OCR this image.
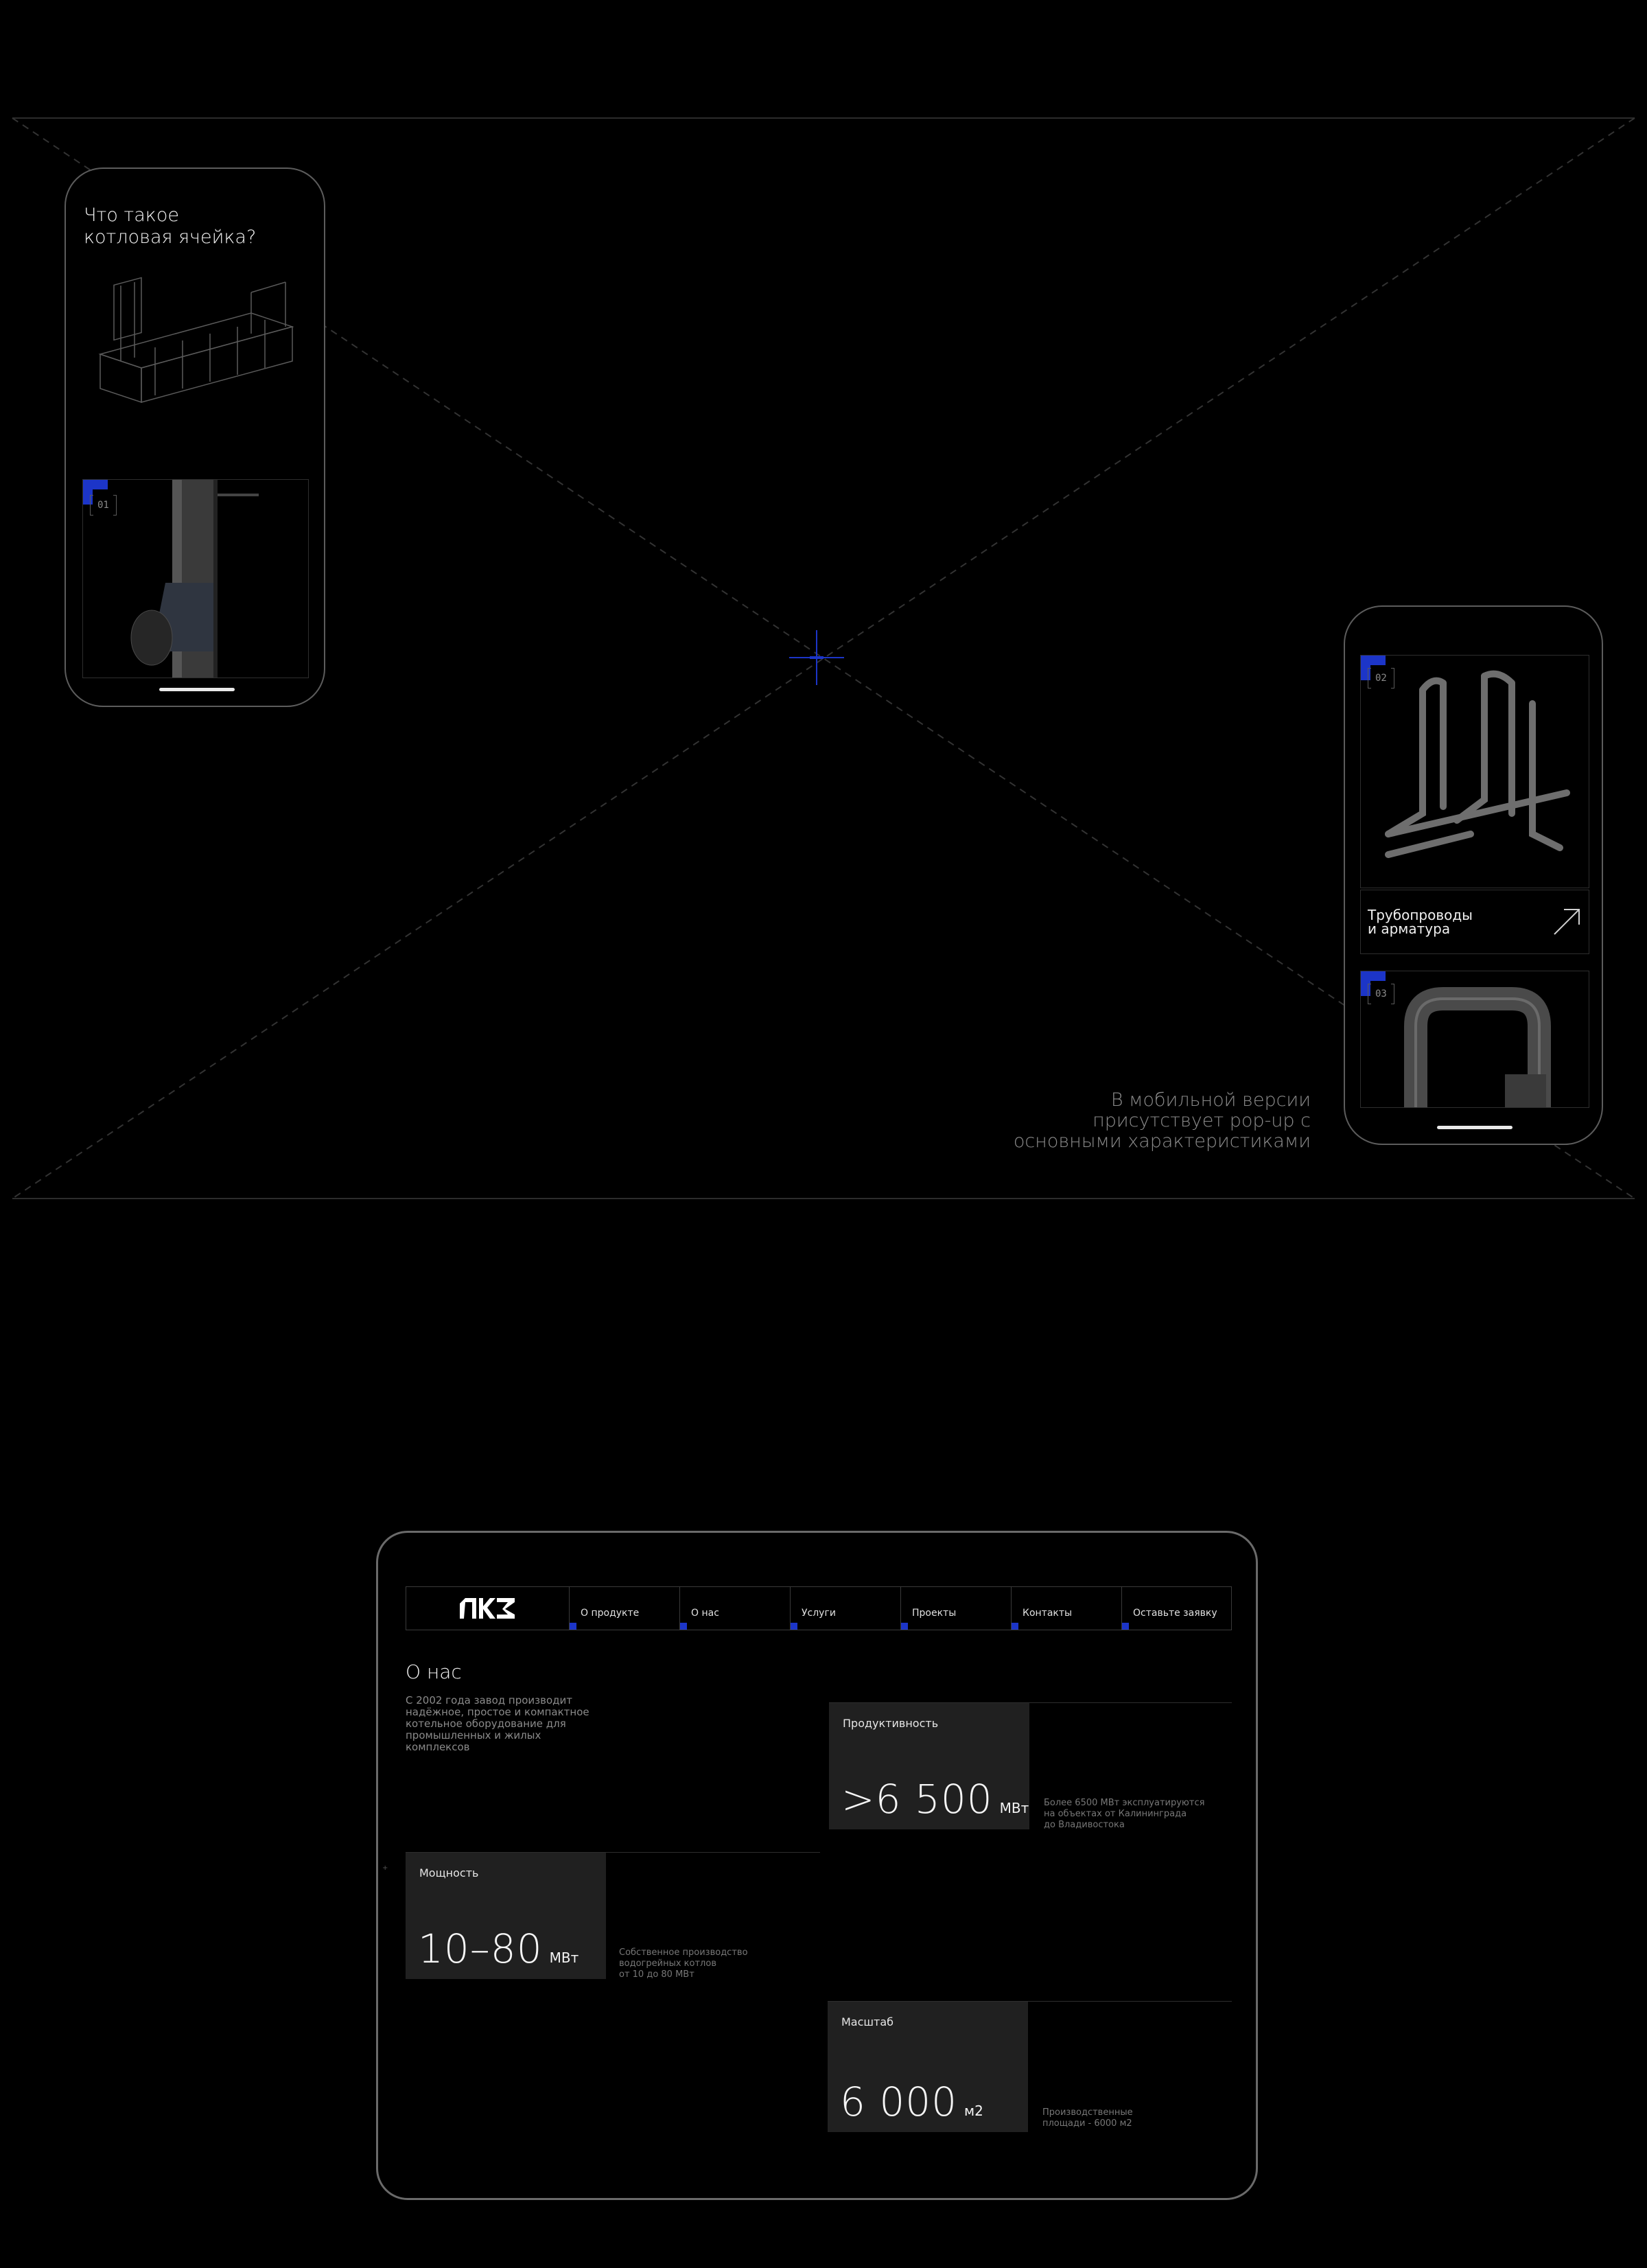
Что такое
котловая ячейка?
01
02
Трубопроводы
и арматура
03
В мобильной версии
присутствует pop-up с
основными характеристиками
О продукте	О нас	Услуги	Проекты	Контакты	Оставьте заявку
О нас
С 2002 года завод производит надёжное, простое и компактное котельное оборудование для промышленных и жилых комплексов
Продуктивность
>6 500 МВт Более 6500 МВт эксплуатируются
на объектах от Калининграда
до Владивостока
+	Мощность
10–80 МВт	Собственное производство
водогрейных котлов
от 10 до 80 МВт
Масштаб
6 000 м2	Производственные
площади - 6000 м2
